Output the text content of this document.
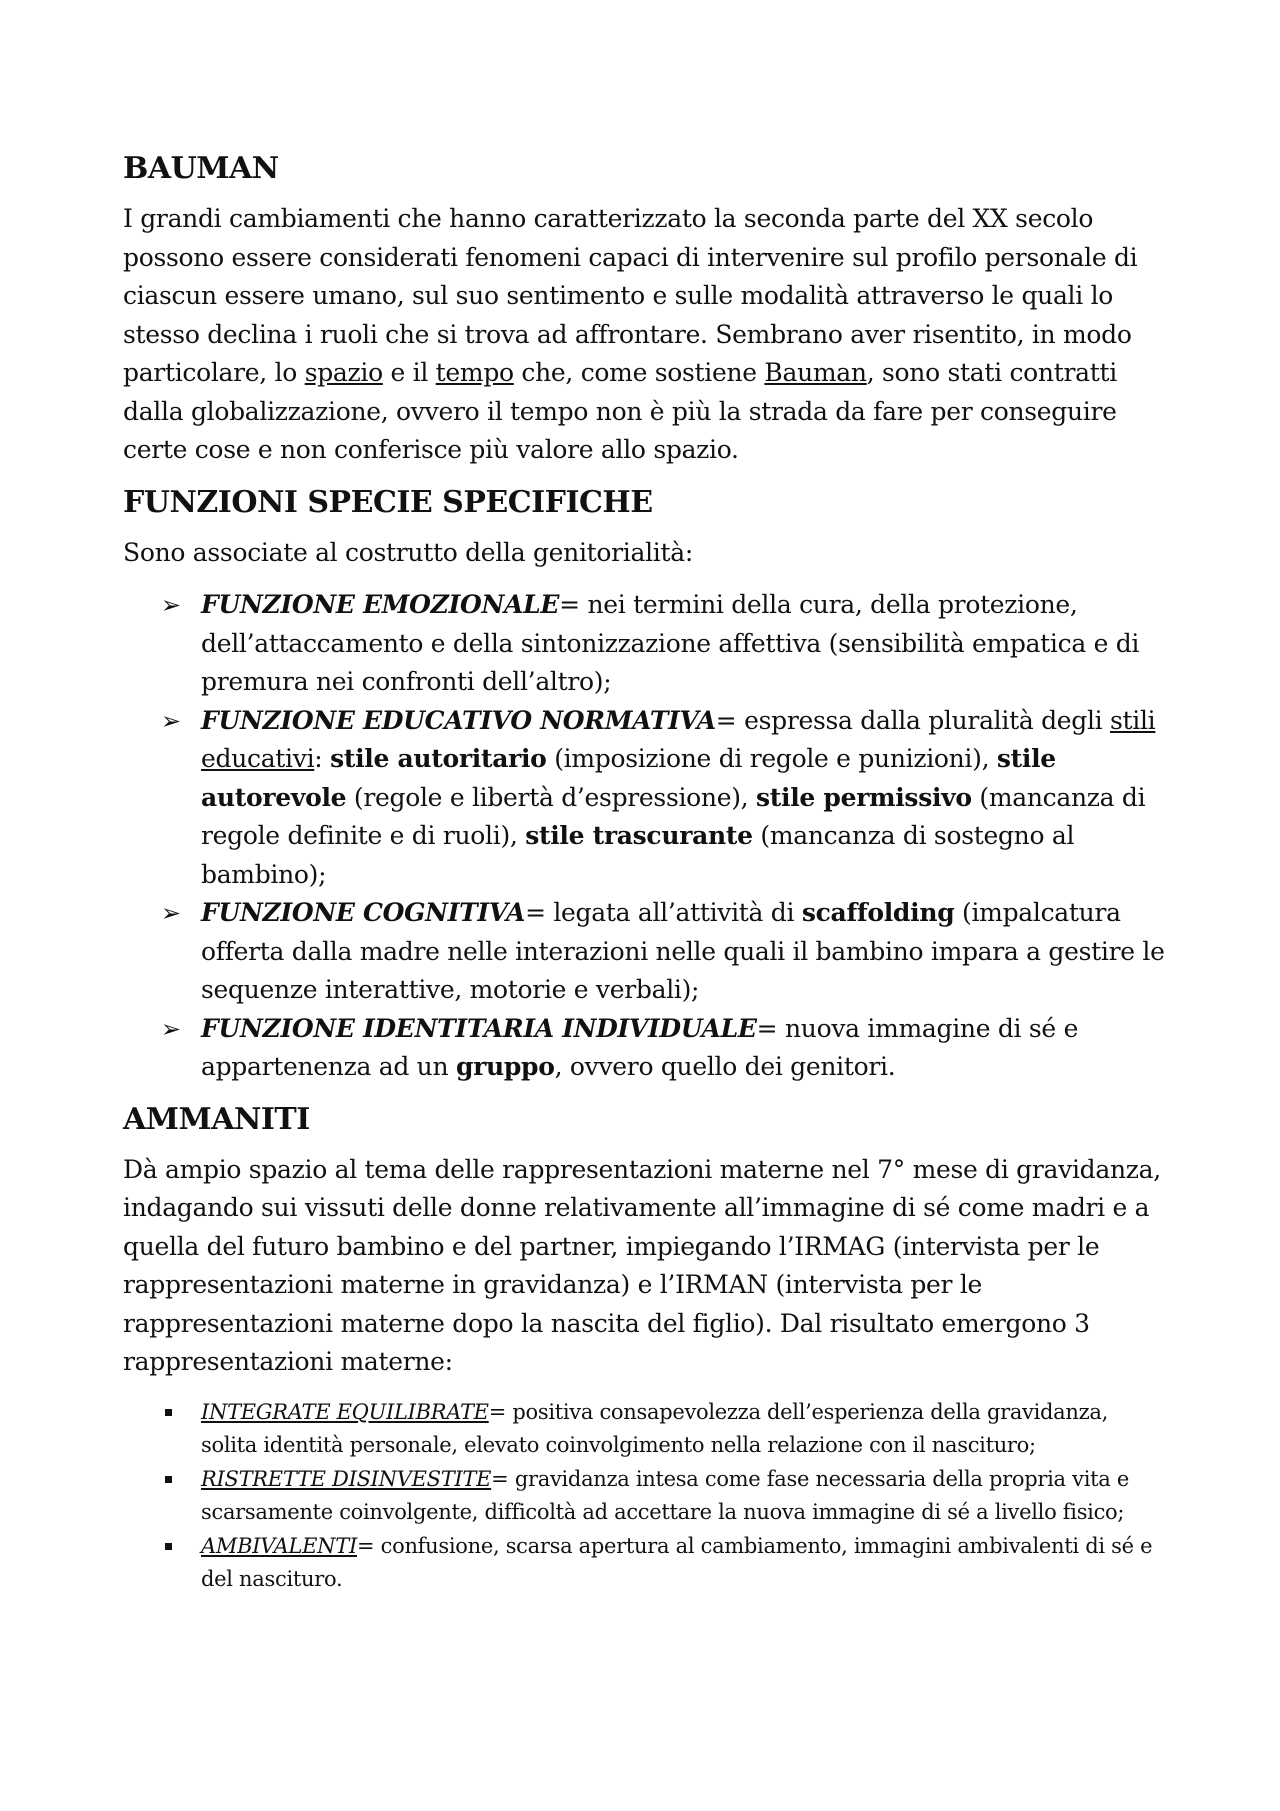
BAUMAN

I grandi cambiamenti che hanno caratterizzato la seconda parte del XX secolo possono essere considerati fenomeni capaci di intervenire sul profilo personale di ciascun essere umano, sul suo sentimento e sulle modalità attraverso le quali lo stesso declina i ruoli che si trova ad affrontare. Sembrano aver risentito, in modo particolare, lo spazio e il tempo che, come sostiene Bauman, sono stati contratti dalla globalizzazione, ovvero il tempo non è più la strada da fare per conseguire certe cose e non conferisce più valore allo spazio.

FUNZIONI SPECIE SPECIFICHE

Sono associate al costrutto della genitorialità:

➢ FUNZIONE EMOZIONALE= nei termini della cura, della protezione, dell’attaccamento e della sintonizzazione affettiva (sensibilità empatica e di premura nei confronti dell’altro);
➢ FUNZIONE EDUCATIVO NORMATIVA= espressa dalla pluralità degli stili educativi: stile autoritario (imposizione di regole e punizioni), stile autorevole (regole e libertà d’espressione), stile permissivo (mancanza di regole definite e di ruoli), stile trascurante (mancanza di sostegno al bambino);
➢ FUNZIONE COGNITIVA= legata all’attività di scaffolding (impalcatura offerta dalla madre nelle interazioni nelle quali il bambino impara a gestire le sequenze interattive, motorie e verbali);
➢ FUNZIONE IDENTITARIA INDIVIDUALE= nuova immagine di sé e appartenenza ad un gruppo, ovvero quello dei genitori.
AMMANITI

Dà ampio spazio al tema delle rappresentazioni materne nel 7° mese di gravidanza, indagando sui vissuti delle donne relativamente all’immagine di sé come madri e a quella del futuro bambino e del partner, impiegando l’IRMAG (intervista per le rappresentazioni materne in gravidanza) e l’IRMAN (intervista per le rappresentazioni materne dopo la nascita del figlio). Dal risultato emergono 3 rappresentazioni materne:

INTEGRATE EQUILIBRATE= positiva consapevolezza dell’esperienza della gravidanza, solita identità personale, elevato coinvolgimento nella relazione con il nascituro;
RISTRETTE DISINVESTITE= gravidanza intesa come fase necessaria della propria vita e scarsamente coinvolgente, difficoltà ad accettare la nuova immagine di sé a livello fisico;
AMBIVALENTI= confusione, scarsa apertura al cambiamento, immagini ambivalenti di sé e del nascituro.
